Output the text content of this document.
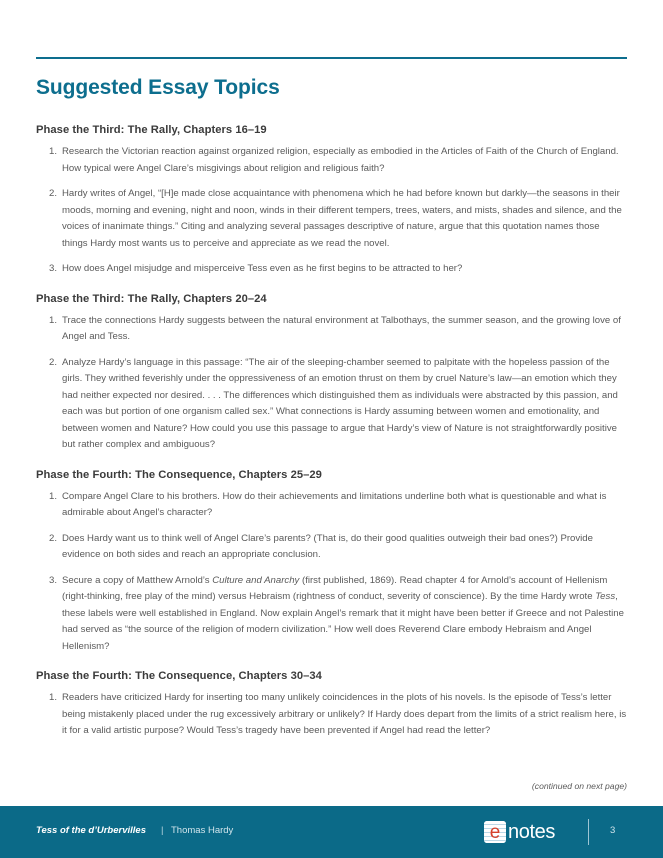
Suggested Essay Topics
Phase the Third: The Rally, Chapters 16–19
1. Research the Victorian reaction against organized religion, especially as embodied in the Articles of Faith of the Church of England. How typical were Angel Clare’s misgivings about religion and religious faith?
2. Hardy writes of Angel, “[H]e made close acquaintance with phenomena which he had before known but darkly—the seasons in their moods, morning and evening, night and noon, winds in their different tempers, trees, waters, and mists, shades and silence, and the voices of inanimate things.” Citing and analyzing several passages descriptive of nature, argue that this quotation names those things Hardy most wants us to perceive and appreciate as we read the novel.
3. How does Angel misjudge and misperceive Tess even as he first begins to be attracted to her?
Phase the Third: The Rally, Chapters 20–24
1. Trace the connections Hardy suggests between the natural environment at Talbothays, the summer season, and the growing love of Angel and Tess.
2. Analyze Hardy’s language in this passage: “The air of the sleeping-chamber seemed to palpitate with the hopeless passion of the girls. They writhed feverishly under the oppressiveness of an emotion thrust on them by cruel Nature’s law—an emotion which they had neither expected nor desired. . . . The differences which distinguished them as individuals were abstracted by this passion, and each was but portion of one organism called sex.” What connections is Hardy assuming between women and emotionality, and between women and Nature? How could you use this passage to argue that Hardy’s view of Nature is not straightforwardly positive but rather complex and ambiguous?
Phase the Fourth: The Consequence, Chapters 25–29
1. Compare Angel Clare to his brothers. How do their achievements and limitations underline both what is questionable and what is admirable about Angel’s character?
2. Does Hardy want us to think well of Angel Clare’s parents? (That is, do their good qualities outweigh their bad ones?) Provide evidence on both sides and reach an appropriate conclusion.
3. Secure a copy of Matthew Arnold’s Culture and Anarchy (first published, 1869). Read chapter 4 for Arnold’s account of Hellenism (right-thinking, free play of the mind) versus Hebraism (rightness of conduct, severity of conscience). By the time Hardy wrote Tess, these labels were well established in England. Now explain Angel’s remark that it might have been better if Greece and not Palestine had served as “the source of the religion of modern civilization.” How well does Reverend Clare embody Hebraism and Angel Hellenism?
Phase the Fourth: The Consequence, Chapters 30–34
1. Readers have criticized Hardy for inserting too many unlikely coincidences in the plots of his novels. Is the episode of Tess’s letter being mistakenly placed under the rug excessively arbitrary or unlikely? If Hardy does depart from the limits of a strict realism here, is it for a valid artistic purpose? Would Tess’s tragedy have been prevented if Angel had read the letter?
(continued on next page)
Tess of the d’Urbervilles | Thomas Hardy	e notes	3
